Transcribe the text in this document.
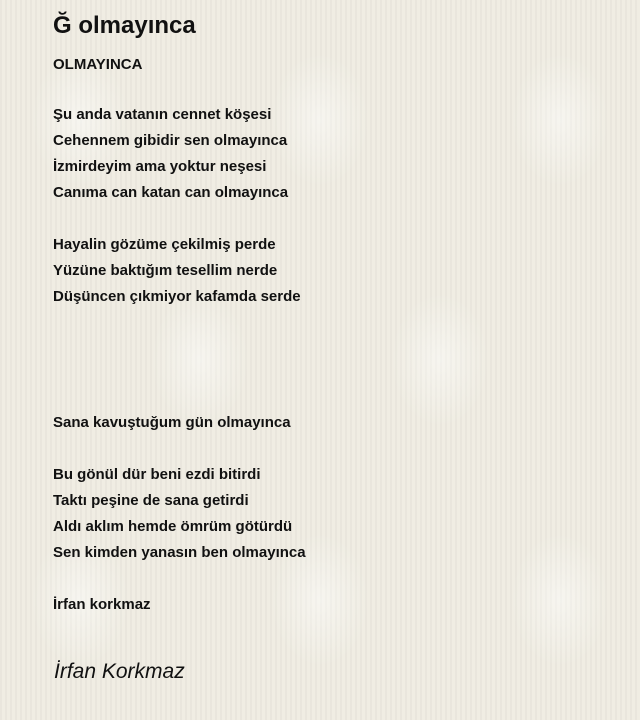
Ğ olmayınca
OLMAYINCA
Şu anda vatanın cennet köşesi
Cehennem gibidir sen olmayınca
İzmirdeyim ama yoktur neşesi
Canıma can katan can olmayınca
Hayalin gözüme çekilmiş perde
Yüzüne baktığım tesellim nerde
Düşüncen çıkmiyor kafamda serde
Sana kavuştuğum gün olmayınca
Bu gönül dür beni ezdi bitirdi
Taktı peşine de sana getirdi
Aldı aklım hemde ömrüm götürdü
Sen kimden yanasın ben olmayınca
İrfan korkmaz
İrfan Korkmaz
